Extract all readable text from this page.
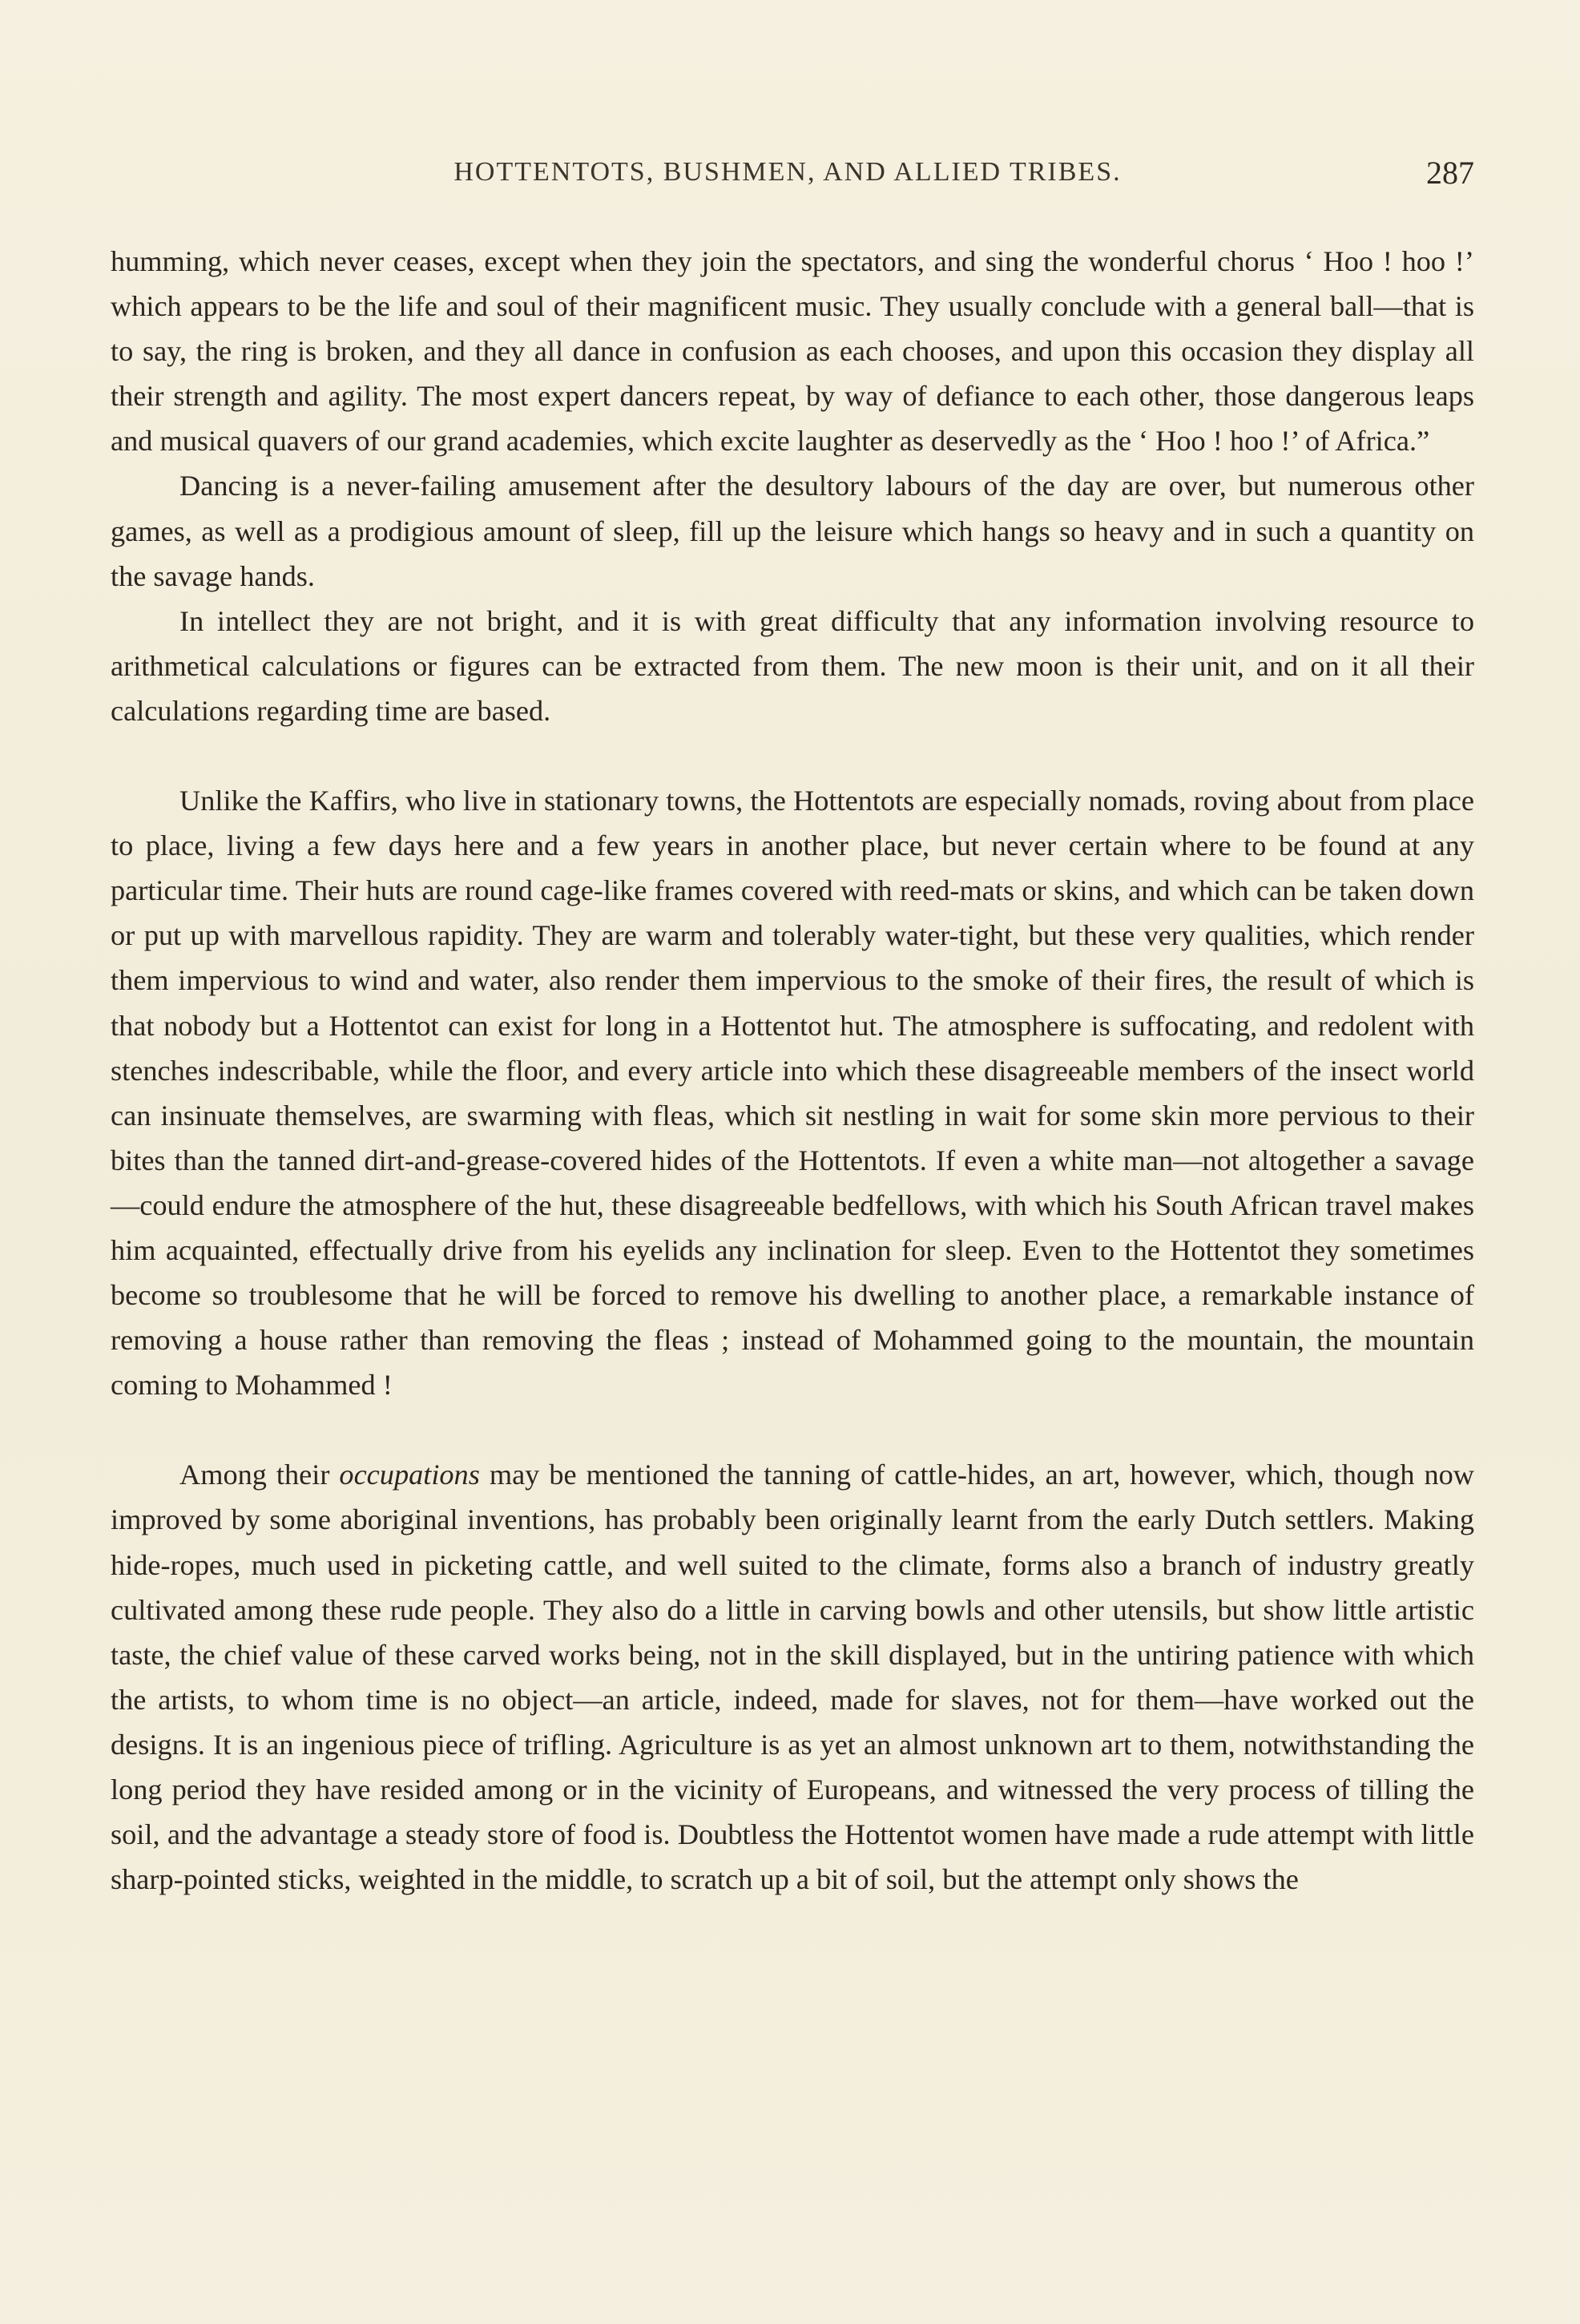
HOTTENTOTS, BUSHMEN, AND ALLIED TRIBES.	287

humming, which never ceases, except when they join the spectators, and sing the wonderful chorus ‘ Hoo ! hoo !’ which appears to be the life and soul of their magnificent music. They usually conclude with a general ball—that is to say, the ring is broken, and they all dance in confusion as each chooses, and upon this occasion they display all their strength and agility. The most expert dancers repeat, by way of defiance to each other, those dangerous leaps and musical quavers of our grand academies, which excite laughter as deservedly as the ‘ Hoo ! hoo !’ of Africa.”

Dancing is a never-failing amusement after the desultory labours of the day are over, but numerous other games, as well as a prodigious amount of sleep, fill up the leisure which hangs so heavy and in such a quantity on the savage hands.

In intellect they are not bright, and it is with great difficulty that any information involving resource to arithmetical calculations or figures can be extracted from them. The new moon is their unit, and on it all their calculations regarding time are based.

Unlike the Kaffirs, who live in stationary towns, the Hottentots are especially nomads, roving about from place to place, living a few days here and a few years in another place, but never certain where to be found at any particular time. Their huts are round cage-like frames covered with reed-mats or skins, and which can be taken down or put up with marvellous rapidity. They are warm and tolerably water-tight, but these very qualities, which render them impervious to wind and water, also render them impervious to the smoke of their fires, the result of which is that nobody but a Hottentot can exist for long in a Hottentot hut. The atmosphere is suffocating, and redolent with stenches indescribable, while the floor, and every article into which these disagreeable members of the insect world can insinuate themselves, are swarming with fleas, which sit nestling in wait for some skin more pervious to their bites than the tanned dirt-and-grease-covered hides of the Hottentots. If even a white man—not altogether a savage —could endure the atmosphere of the hut, these disagreeable bedfellows, with which his South African travel makes him acquainted, effectually drive from his eyelids any inclination for sleep. Even to the Hottentot they sometimes become so troublesome that he will be forced to remove his dwelling to another place, a remarkable instance of removing a house rather than removing the fleas ; instead of Mohammed going to the mountain, the mountain coming to Mohammed !

Among their occupations may be mentioned the tanning of cattle-hides, an art, however, which, though now improved by some aboriginal inventions, has probably been originally learnt from the early Dutch settlers. Making hide-ropes, much used in picketing cattle, and well suited to the climate, forms also a branch of industry greatly cultivated among these rude people. They also do a little in carving bowls and other utensils, but show little artistic taste, the chief value of these carved works being, not in the skill displayed, but in the untiring patience with which the artists, to whom time is no object—an article, indeed, made for slaves, not for them—have worked out the designs. It is an ingenious piece of trifling. Agriculture is as yet an almost unknown art to them, notwithstanding the long period they have resided among or in the vicinity of Europeans, and witnessed the very process of tilling the soil, and the advantage a steady store of food is. Doubtless the Hottentot women have made a rude attempt with little sharp-pointed sticks, weighted in the middle, to scratch up a bit of soil, but the attempt only shows the
